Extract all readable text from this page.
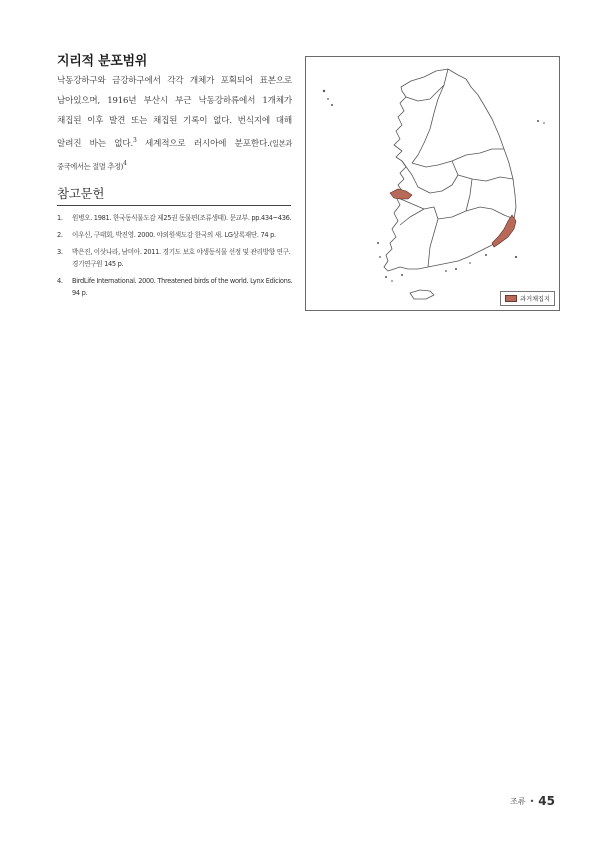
지리적 분포범위

낙동강하구와 금강하구에서 각각 개체가 포획되어 표본으로 남아있으며, 1916년 부산시 부근 낙동강하류에서 1개체가 채집된 이후 발견 또는 채집된 기록이 없다. 번식지에 대해 알려진 바는 없다.$^3$ 세계적으로 러시아에 분포한다.(일본과 중국에서는 절멸 추정)$^4$

참고문헌
1. 원병오. 1981. 한국동식물도감 제25권 동물편(조류생태). 문교부. pp.434~436.
2. 이우신, 구태회, 박진영. 2000. 야외원색도감 한국의 새. LG상록재단. 74 p.
3. 박은진, 이삿나라, 남미아. 2011. 경기도 보호 야생동식물 선정 및 관리방향 연구. 경기연구원 145 p.
4. BirdLife International. 2000. Threatened birds of the world. Lynx Edicions. 94 p.
과거채집지
조류 • 45
